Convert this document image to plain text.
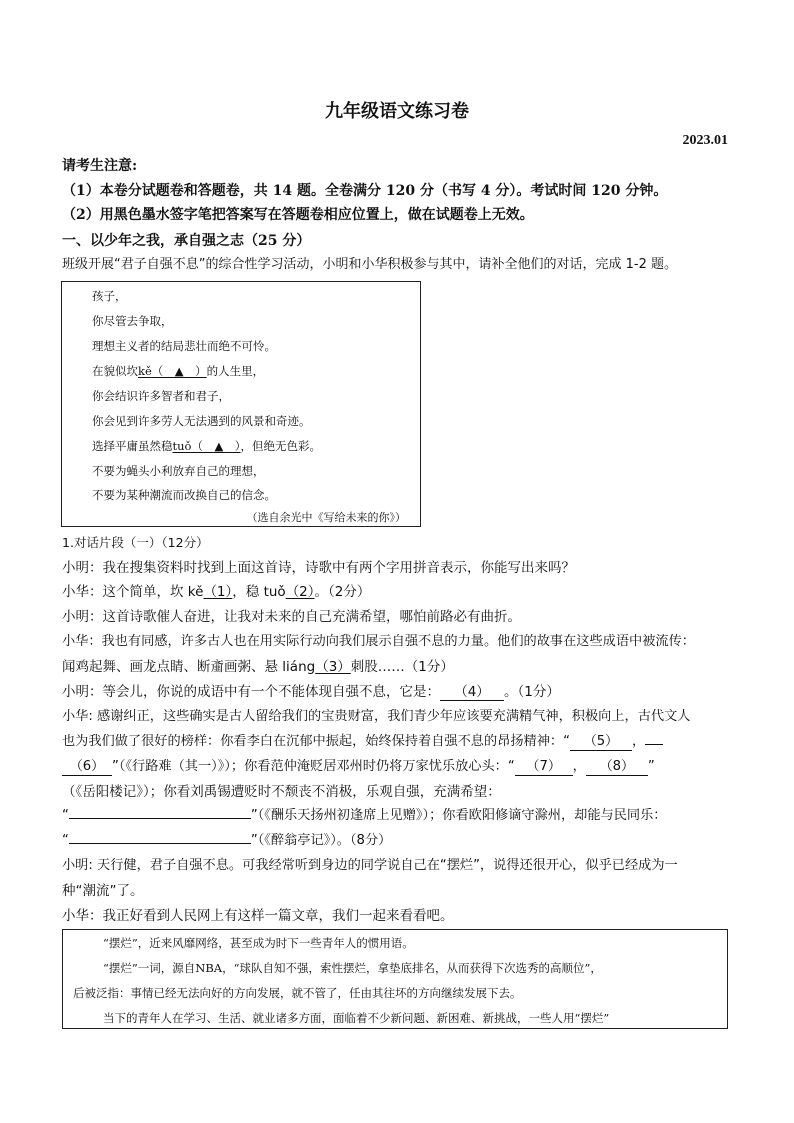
九年级语文练习卷
2023.01
请考生注意:
（1）本卷分试题卷和答题卷，共 14 题。全卷满分 120 分（书写 4 分）。考试时间 120 分钟。
（2）用黑色墨水签字笔把答案写在答题卷相应位置上，做在试题卷上无效。
一、以少年之我，承自强之志（25 分）
班级开展“君子自强不息”的综合性学习活动，小明和小华积极参与其中，请补全他们的对话，完成 1-2 题。
孩子，
你尽管去争取，
理想主义者的结局悲壮而绝不可怜。
在貌似坎kě（　▲　）的人生里，
你会结识许多智者和君子，
你会见到许多劳人无法遇到的风景和奇迹。
选择平庸虽然稳tuǒ（　▲　），但绝无色彩。
不要为蝇头小利放弃自己的理想，
不要为某种潮流而改换自己的信念。
（选自余光中《写给未来的你》）
1.对话片段（一）（12分）
小明：我在搜集资料时找到上面这首诗，诗歌中有两个字用拼音表示，你能写出来吗？
小华：这个简单，坎 kě（1），稳 tuǒ（2）。（2分）
小明：这首诗歌催人奋进，让我对未来的自己充满希望，哪怕前路必有曲折。
小华：我也有同感，许多古人也在用实际行动向我们展示自强不息的力量。他们的故事在这些成语中被流传：
闻鸡起舞、画龙点睛、断齑画粥、悬 liáng（3）刺股……（1分）
小明：等会儿，你说的成语中有一个不能体现自强不息，它是： （4） 。（1分）
小华: 感谢纠正，这些确实是古人留给我们的宝贵财富，我们青少年应该要充满精气神，积极向上，古代文人
也为我们做了很好的榜样：你看李白在沉郁中振起，始终保持着自强不息的昂扬精神：“ （5） ，
（6） ”（《行路难（其一）》）；你看范仲淹贬居邓州时仍将万家忧乐放心头：“ （7） ， （8） ”
（《岳阳楼记》）；你看刘禹锡遭贬时不颓丧不消极，乐观自强，充满希望：
“	”（《酬乐天扬州初逢席上见赠》）；你看欧阳修谪守滁州，却能与民同乐：
“	”（《醉翁亭记》）。（8分）
小明: 天行健，君子自强不息。可我经常听到身边的同学说自己在“摆烂”，说得还很开心，似乎已经成为一
种“潮流”了。
小华：我正好看到人民网上有这样一篇文章，我们一起来看看吧。
“摆烂”，近来风靡网络，甚至成为时下一些青年人的惯用语。
“摆烂”一词，源自NBA，“球队自知不强，索性摆烂，拿垫底排名，从而获得下次选秀的高顺位”，
后被泛指：事情已经无法向好的方向发展，就不管了，任由其往坏的方向继续发展下去。
当下的青年人在学习、生活、就业诸多方面，面临着不少新问题、新困难、新挑战，一些人用“摆烂”
